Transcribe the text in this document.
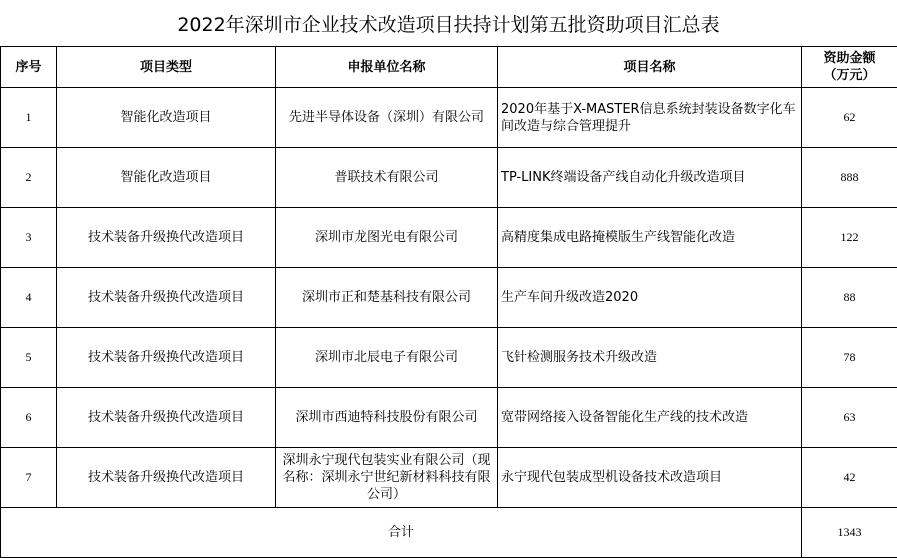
2022年深圳市企业技术改造项目扶持计划第五批资助项目汇总表
序号	项目类型	申报单位名称	项目名称	资助金额
（万元）

1	智能化改造项目	先进半导体设备（深圳）有限公司	2020年基于X-MASTER信息系统封装设备数字化车间改造与综合管理提升	62
2	智能化改造项目	普联技术有限公司	TP-LINK终端设备产线自动化升级改造项目	888
3	技术装备升级换代改造项目	深圳市龙图光电有限公司	高精度集成电路掩模版生产线智能化改造	122
4	技术装备升级换代改造项目	深圳市正和楚基科技有限公司	生产车间升级改造2020	88
5	技术装备升级换代改造项目	深圳市北辰电子有限公司	飞针检测服务技术升级改造	78
6	技术装备升级换代改造项目	深圳市西迪特科技股份有限公司	宽带网络接入设备智能化生产线的技术改造	63
7	技术装备升级换代改造项目	深圳永宁现代包装实业有限公司（现名称：深圳永宁世纪新材料科技有限公司）	永宁现代包装成型机设备技术改造项目	42
合计				1343
